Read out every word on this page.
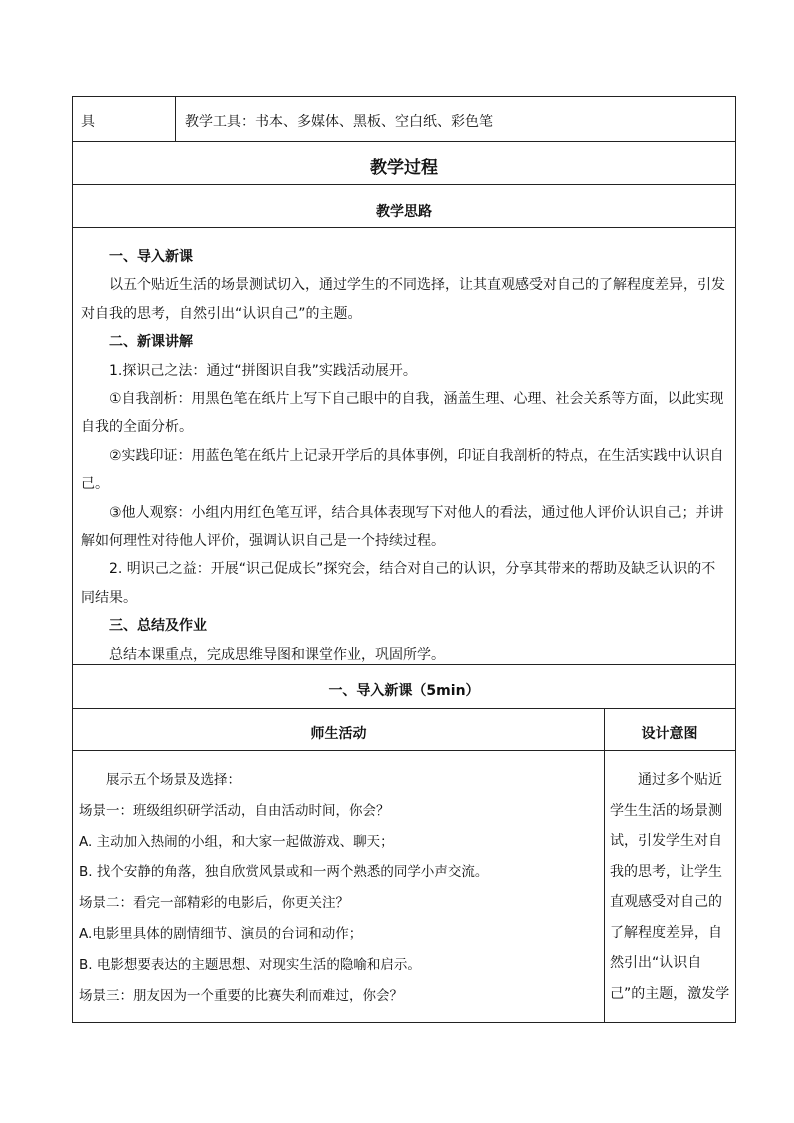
具	教学工具：书本、多媒体、黑板、空白纸、彩色笔
教学过程
教学思路

一、导入新课

以五个贴近生活的场景测试切入，通过学生的不同选择，让其直观感受对自己的了解程度差异，引发对自我的思考，自然引出“认识自己”的主题。

二、新课讲解

1.探识己之法：通过“拼图识自我”实践活动展开。

①自我剖析：用黑色笔在纸片上写下自己眼中的自我，涵盖生理、心理、社会关系等方面，以此实现自我的全面分析。

②实践印证：用蓝色笔在纸片上记录开学后的具体事例，印证自我剖析的特点，在生活实践中认识自己。

③他人观察：小组内用红色笔互评，结合具体表现写下对他人的看法，通过他人评价认识自己；并讲解如何理性对待他人评价，强调认识自己是一个持续过程。

2. 明识己之益：开展“识己促成长”探究会，结合对自己的认识，分享其带来的帮助及缺乏认识的不同结果。

三、总结及作业

总结本课重点，完成思维导图和课堂作业，巩固所学。

一、导入新课（5min）
师生活动	设计意图

展示五个场景及选择：

场景一：班级组织研学活动，自由活动时间，你会？

A. 主动加入热闹的小组，和大家一起做游戏、聊天；

B. 找个安静的角落，独自欣赏风景或和一两个熟悉的同学小声交流。

场景二：看完一部精彩的电影后，你更关注？

A.电影里具体的剧情细节、演员的台词和动作；

B. 电影想要表达的主题思想、对现实生活的隐喻和启示。

场景三：朋友因为一个重要的比赛失利而难过，你会？

通过多个贴近学生生活的场景测试，引发学生对自我的思考，让学生直观感受对自己的了解程度差异，自然引出“认识自己”的主题，激发学
